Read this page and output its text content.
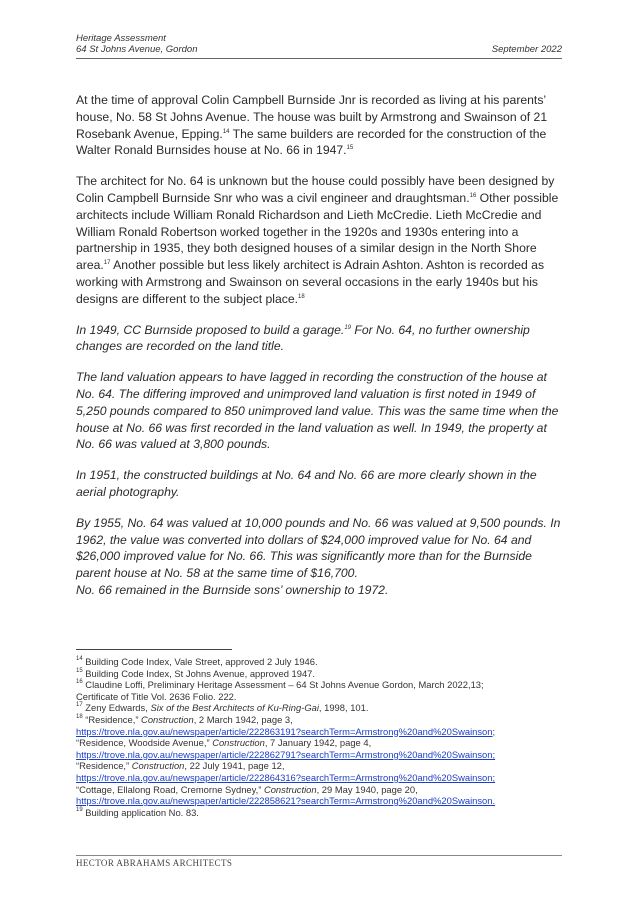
Heritage Assessment
64 St Johns Avenue, Gordon	September 2022

At the time of approval Colin Campbell Burnside Jnr is recorded as living at his parents’ house, No. 58 St Johns Avenue. The house was built by Armstrong and Swainson of 21 Rosebank Avenue, Epping.$^{14}$ The same builders are recorded for the construction of the Walter Ronald Burnsides house at No. 66 in 1947.15

The architect for No. 64 is unknown but the house could possibly have been designed by Colin Campbell Burnside Snr who was a civil engineer and draughtsman.$^{16}$ Other possible architects include William Ronald Richardson and Lieth McCredie. Lieth McCredie and William Ronald Robertson worked together in the 1920s and 1930s entering into a partnership in 1935, they both designed houses of a similar design in the North Shore area.$^{17}$ Another possible but less likely architect is Adrain Ashton. Ashton is recorded as working with Armstrong and Swainson on several occasions in the early 1940s but his designs are different to the subject place.$^{18}$

In 1949, CC Burnside proposed to build a garage.$^{19}$ For No. 64, no further ownership changes are recorded on the land title.

The land valuation appears to have lagged in recording the construction of the house at No. 64. The differing improved and unimproved land valuation is first noted in 1949 of 5,250 pounds compared to 850 unimproved land value. This was the same time when the house at No. 66 was first recorded in the land valuation as well. In 1949, the property at No. 66 was valued at 3,800 pounds.

In 1951, the constructed buildings at No. 64 and No. 66 are more clearly shown in the aerial photography.

By 1955, No. 64 was valued at 10,000 pounds and No. 66 was valued at 9,500 pounds. In 1962, the value was converted into dollars of $24,000 improved value for No. 64 and $26,000 improved value for No. 66. This was significantly more than for the Burnside parent house at No. 58 at the same time of $16,700.
No. 66 remained in the Burnside sons’ ownership to 1972.

$^{14}$ Building Code Index, Vale Street, approved 2 July 1946.
$^{15}$ Building Code Index, St Johns Avenue, approved 1947.
$^{16}$ Claudine Loffi, Preliminary Heritage Assessment – 64 St Johns Avenue Gordon, March 2022,13;
Certificate of Title Vol. 2636 Folio. 222.
$^{17}$ Zeny Edwards, Six of the Best Architects of Ku-Ring-Gai, 1998, 101.
$^{18}$ “Residence,” Construction, 2 March 1942, page 3,
https://trove.nla.gov.au/newspaper/article/222863191?searchTerm=Armstrong%20and%20Swainson;
“Residence, Woodside Avenue,” Construction, 7 January 1942, page 4,
https://trove.nla.gov.au/newspaper/article/222862791?searchTerm=Armstrong%20and%20Swainson;
“Residence,” Construction, 22 July 1941, page 12,
https://trove.nla.gov.au/newspaper/article/222864316?searchTerm=Armstrong%20and%20Swainson;
“Cottage, Ellalong Road, Cremorne Sydney,” Construction, 29 May 1940, page 20,
https://trove.nla.gov.au/newspaper/article/222858621?searchTerm=Armstrong%20and%20Swainson.
$^{19}$ Building application No. 83.
HECTOR ABRAHAMS ARCHITECTS
